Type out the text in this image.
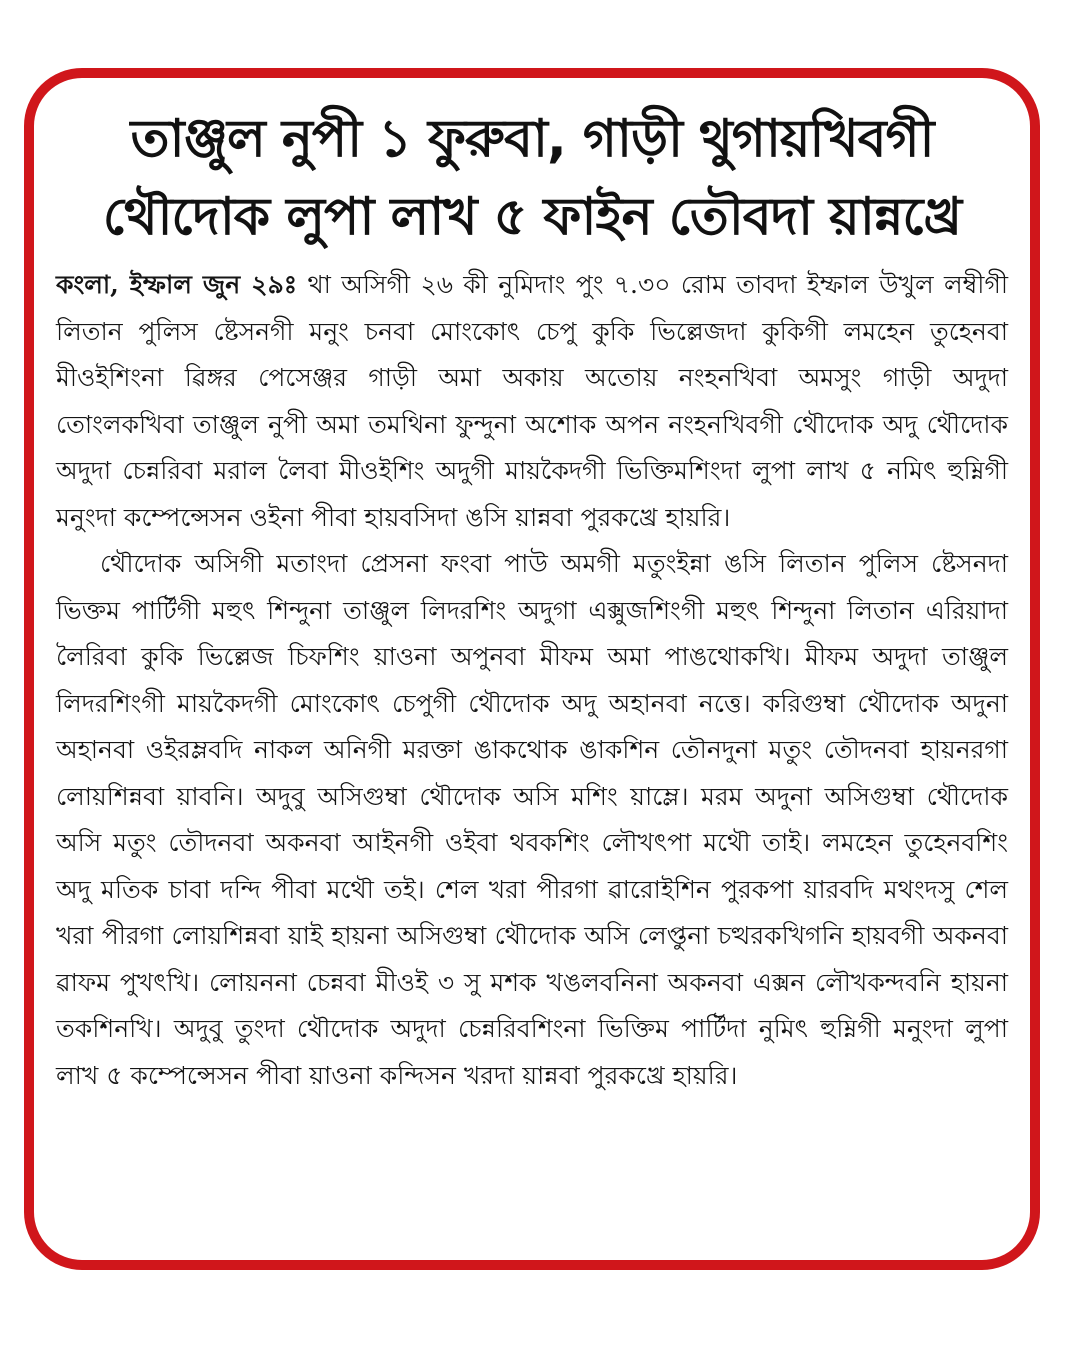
তাঞ্জুল নুপী ১ ফুরুবা, গাড়ী থুগায়খিবগী
থৌদোক লুপা লাখ ৫ ফাইন তৌবদা য়ান্নখ্রে

কংলা, ইম্ফাল জুন ২৯ঃ থা অসিগী ২৬ কী নুমিদাং পুং ৭.৩০ রোম তাবদা ইম্ফাল উখুল লম্বীগী লিতান পুলিস ষ্টেসনগী মনুং চনবা মোংকোৎ চেপু কুকি ভিল্লেজদা কুকিগী লমহেন তুহেনবা মীওইশিংনা ৱিঙ্গর পেসেঞ্জর গাড়ী অমা অকায় অতোয় নংহনখিবা অমসুং গাড়ী অদুদা তোংলকখিবা তাঞ্জুল নুপী অমা তমথিনা ফুন্দুনা অশোক অপন নংহনখিবগী থৌদোক অদু থৌদোক অদুদা চেন্নরিবা মরাল লৈবা মীওইশিং অদুগী মায়কৈদগী ভিক্তিমশিংদা লুপা লাখ ৫ নমিৎ হুম্নিগী মনুংদা কম্পেন্সেসন ওইনা পীবা হায়বসিদা ঙসি য়ান্নবা পুরকখ্রে হায়রি।

থৌদোক অসিগী মতাংদা প্রেসনা ফংবা পাউ অমগী মতুংইন্না ঙসি লিতান পুলিস ষ্টেসনদা ভিক্তম পার্টিগী মহুৎ শিন্দুনা তাঞ্জুল লিদরশিং অদুগা এক্সুজশিংগী মহুৎ শিন্দুনা লিতান এরিয়াদা লৈরিবা কুকি ভিল্লেজ চিফশিং য়াওনা অপুনবা মীফম অমা পাঙথোকখি। মীফম অদুদা তাঞ্জুল লিদরশিংগী মায়কৈদগী মোংকোৎ চেপুগী থৌদোক অদু অহানবা নত্তে। করিগুম্বা থৌদোক অদুনা অহানবা ওইরম্লবদি নাকল অনিগী মরক্তা ঙাকথোক ঙাকশিন তৌনদুনা মতুং তৌদনবা হায়নরগা লোয়শিন্নবা য়াবনি। অদুবু অসিগুম্বা থৌদোক অসি মশিং য়াম্লে। মরম অদুনা অসিগুম্বা থৌদোক অসি মতুং তৌদনবা অকনবা আইনগী ওইবা থবকশিং লৌখৎপা মথৌ তাই। লমহেন তুহেনবশিং অদু মতিক চাবা দন্দি পীবা মথৌ তই। শেল খরা পীরগা ৱারোইশিন পুরকপা য়ারবদি মথংদসু শেল খরা পীরগা লোয়শিন্নবা য়াই হায়না অসিগুম্বা থৌদোক অসি লেপ্তুনা চত্থরকখিগনি হায়বগী অকনবা ৱাফম পুখৎখি। লোয়ননা চেন্নবা মীওই ৩ সু মশক খঙলবনিনা অকনবা এক্সন লৌখকন্দবনি হায়না তকশিনখি। অদুবু তুংদা থৌদোক অদুদা চেন্নরিবশিংনা ভিক্তিম পার্টিদা নুমিৎ হুম্নিগী মনুংদা লুপা লাখ ৫ কম্পেন্সেসন পীবা য়াওনা কন্দিসন খরদা য়ান্নবা পুরকখ্রে হায়রি।
